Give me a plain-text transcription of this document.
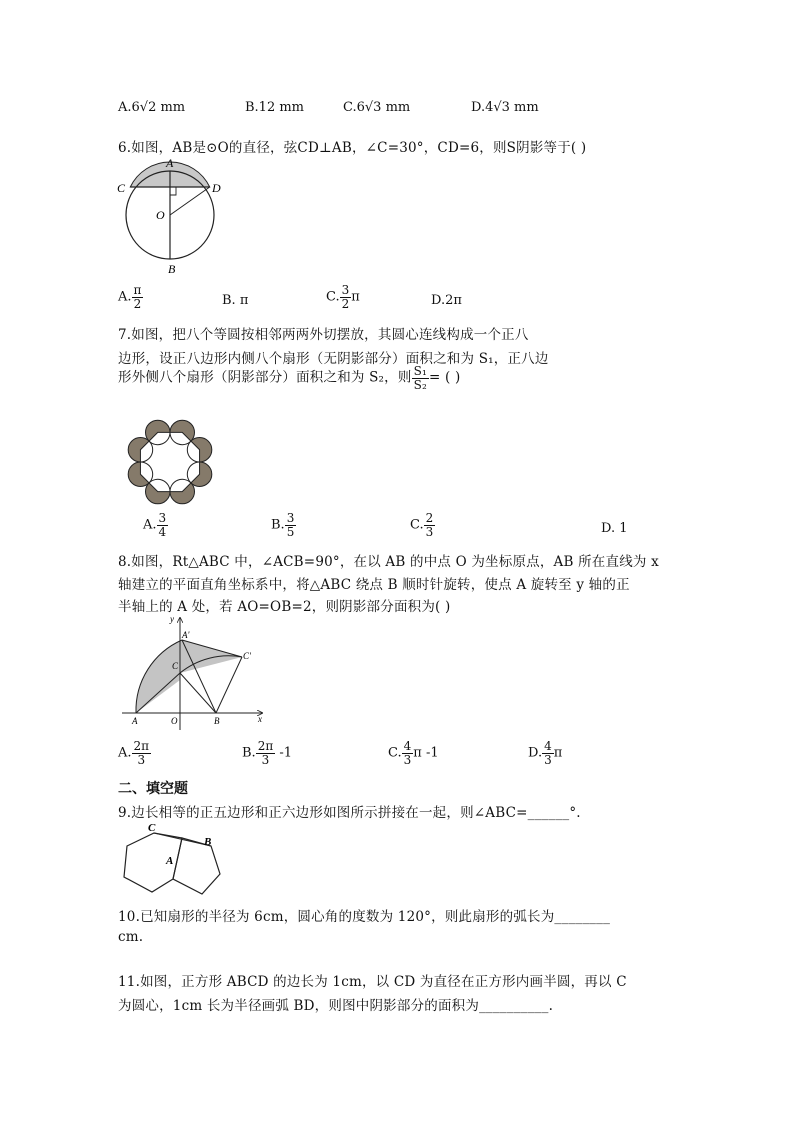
A.6√2 mm	B.12 mm	C.6√3 mm	D.4√3 mm
6.如图，AB是⊙O的直径，弦CD⊥AB，∠C=30°，CD=6，则S阴影等于( )
A
C	D
O
B
A. $\frac{\pi}{2}$	B. π	C. $\frac{3}{2}$ π	D.2π
7.如图，把八个等圆按相邻两两外切摆放，其圆心连线构成一个正八
边形，设正八边形内侧八个扇形（无阴影部分）面积之和为 S₁，正八边
形外侧八个扇形（阴影部分）面积之和为 S₂，则 $\frac{\text{S₁}}{\text{S₂}}$ = ( )
A. $\frac{3}{4}$	B. $\frac{3}{5}$	C. $\frac{2}{3}$	D. 1
8.如图，Rt△ABC 中，∠ACB=90°，在以 AB 的中点 O 为坐标原点，AB 所在直线为 x
轴建立的平面直角坐标系中，将△ABC 绕点 B 顺时针旋转，使点 A 旋转至 y 轴的正
半轴上的 A 处，若 AO=OB=2，则阴影部分面积为( )
y
x
A'
C
C'
A	O	B
A. $\frac{2\pi}{3}$	B. $\frac{2\pi}{3} -1$	C. $\frac{4}{3}$ π -1	D. $\frac{4}{3}$ π
二、填空题
9.边长相等的正五边形和正六边形如图所示拼接在一起，则∠ABC=______°.
C
B
A
10.已知扇形的半径为 6cm，圆心角的度数为 120°，则此扇形的弧长为________
cm.
11.如图，正方形 ABCD 的边长为 1cm，以 CD 为直径在正方形内画半圆，再以 C
为圆心，1cm 长为半径画弧 BD，则图中阴影部分的面积为__________.
